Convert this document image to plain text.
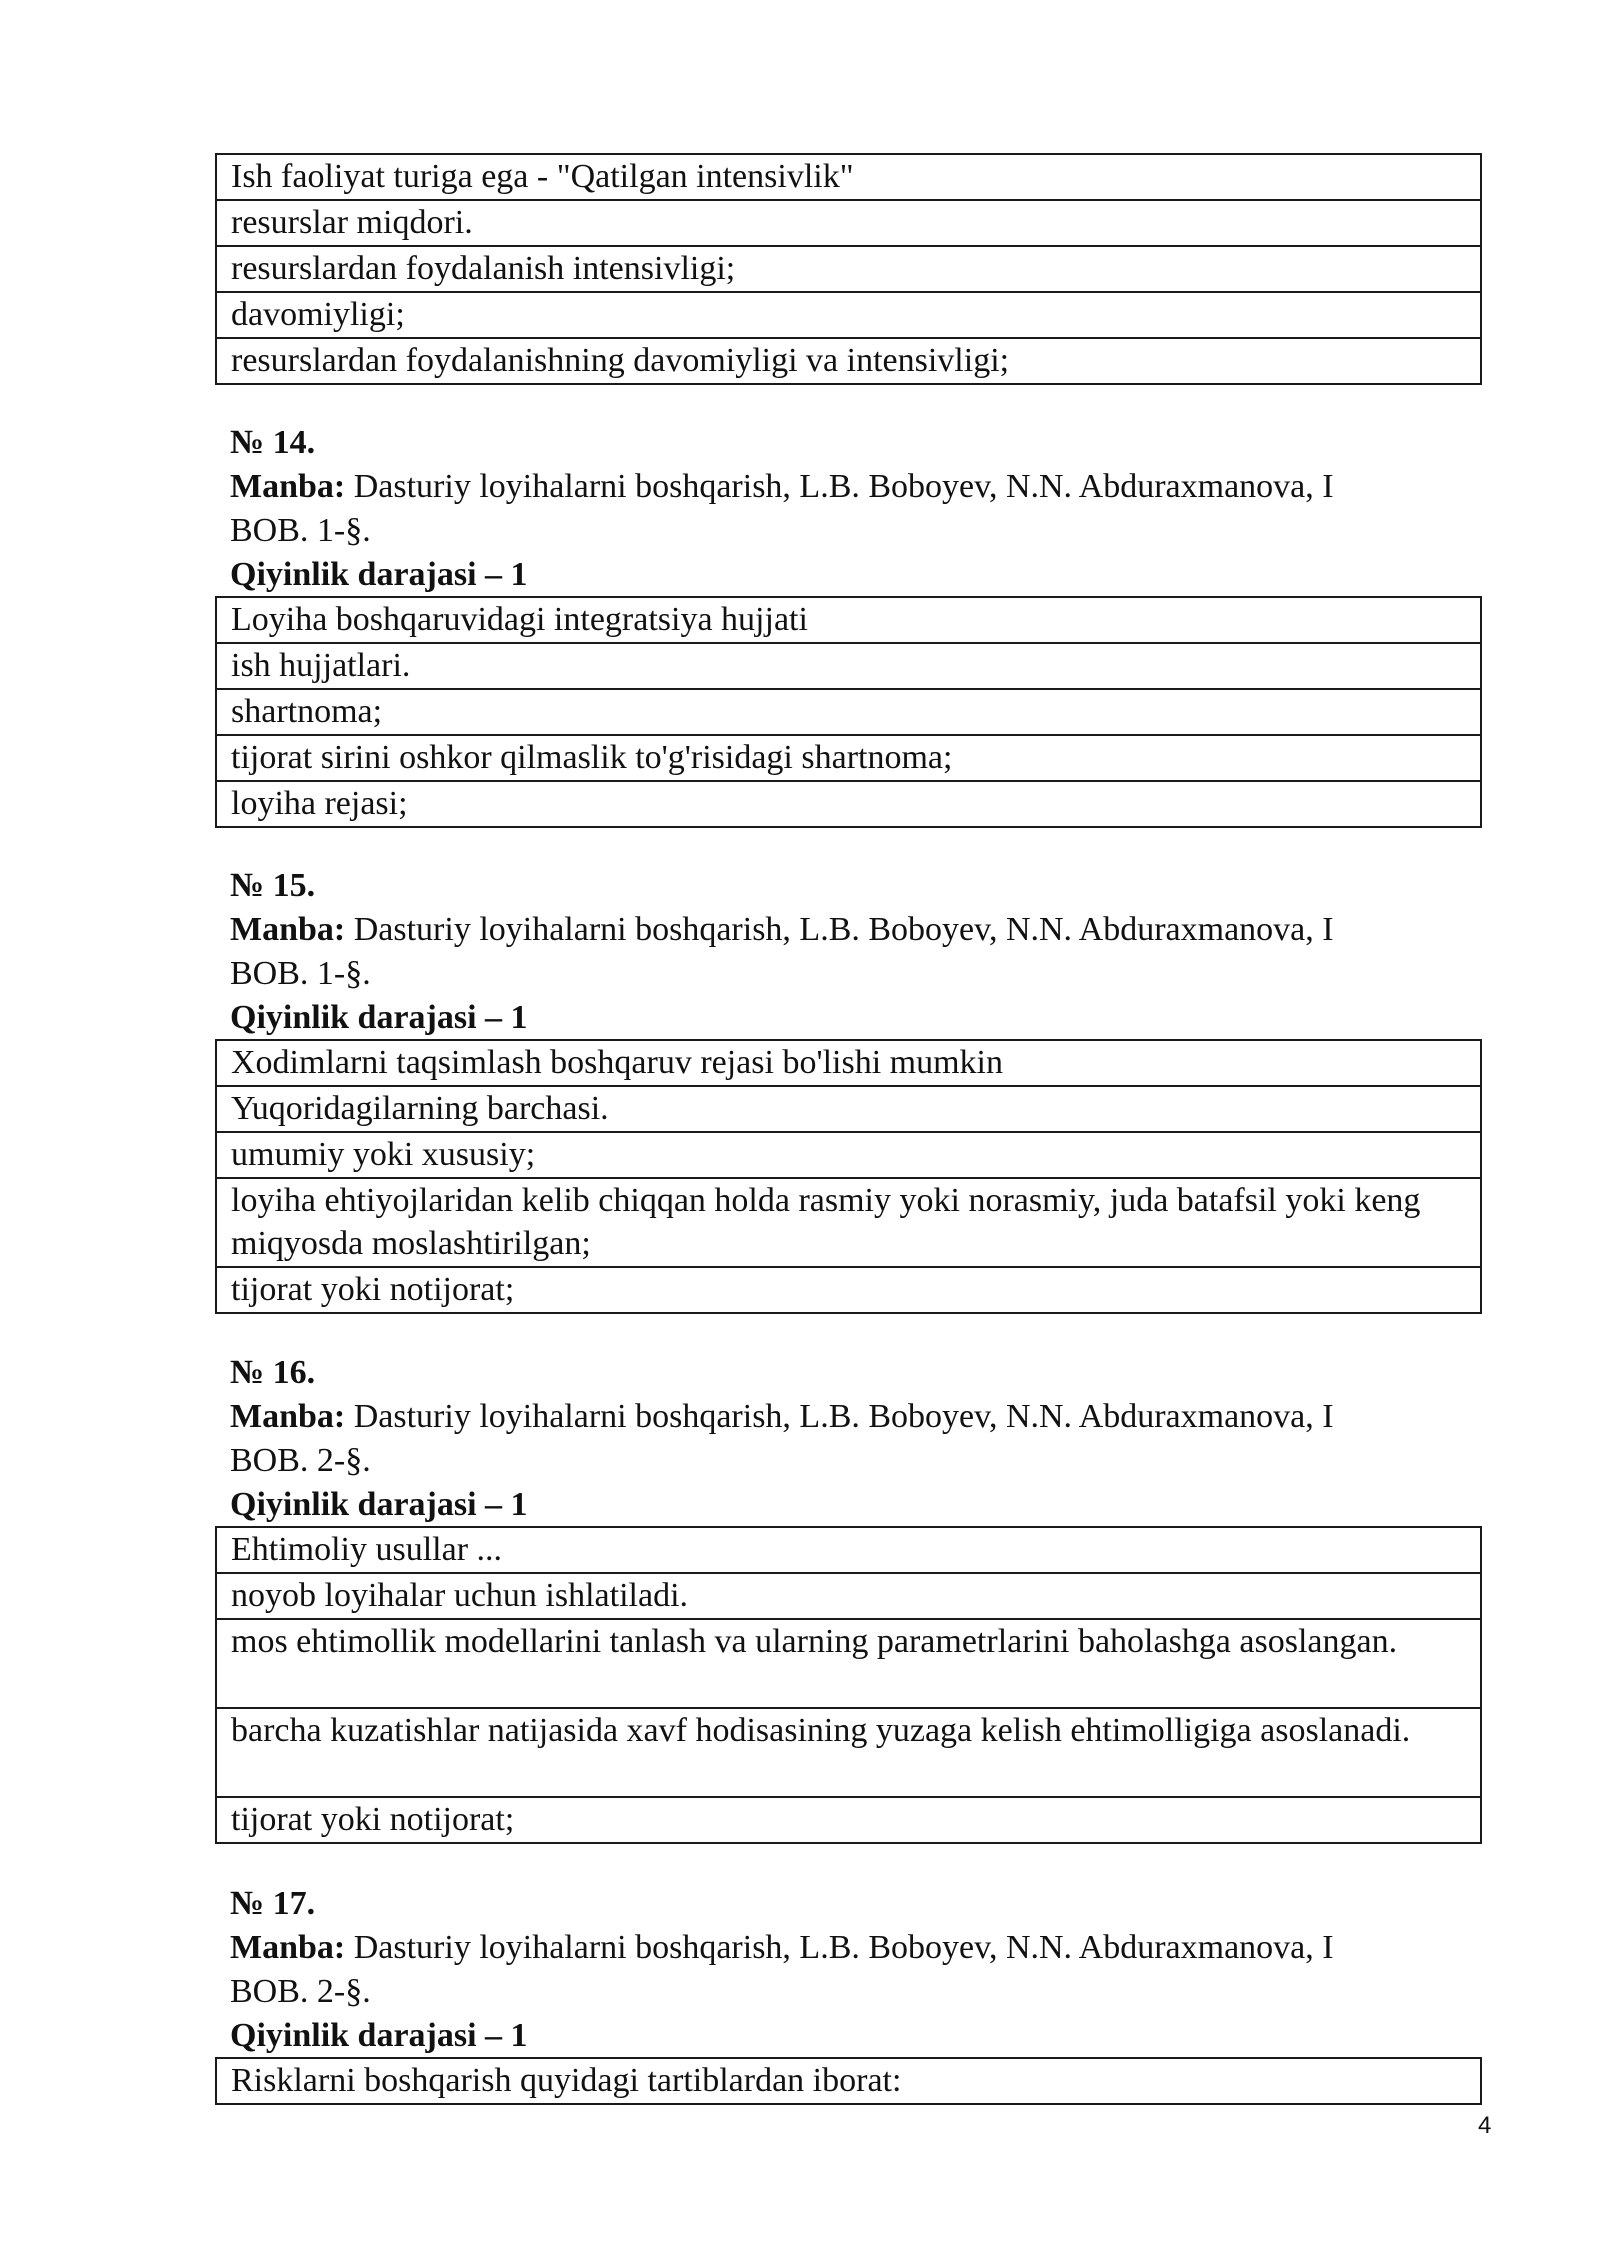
Ish faoliyat turiga ega - "Qatilgan intensivlik"
resurslar miqdori.
resurslardan foydalanish intensivligi;
davomiyligi;
resurslardan foydalanishning davomiyligi va intensivligi;
№ 14.
Manba: Dasturiy loyihalarni boshqarish, L.B. Boboyev, N.N. Abduraxmanova, I
BOB. 1-§.
Qiyinlik darajasi – 1
Loyiha boshqaruvidagi integratsiya hujjati
ish hujjatlari.
shartnoma;
tijorat sirini oshkor qilmaslik to'g'risidagi shartnoma;
loyiha rejasi;
№ 15.
Manba: Dasturiy loyihalarni boshqarish, L.B. Boboyev, N.N. Abduraxmanova, I
BOB. 1-§.
Qiyinlik darajasi – 1
Xodimlarni taqsimlash boshqaruv rejasi bo'lishi mumkin
Yuqoridagilarning barchasi.
umumiy yoki xususiy;
loyiha ehtiyojlaridan kelib chiqqan holda rasmiy yoki norasmiy, juda batafsil yoki keng miqyosda moslashtirilgan;
tijorat yoki notijorat;
№ 16.
Manba: Dasturiy loyihalarni boshqarish, L.B. Boboyev, N.N. Abduraxmanova, I
BOB. 2-§.
Qiyinlik darajasi – 1
Ehtimoliy usullar ...
noyob loyihalar uchun ishlatiladi.
mos ehtimollik modellarini tanlash va ularning parametrlarini baholashga asoslangan.
barcha kuzatishlar natijasida xavf hodisasining yuzaga kelish ehtimolligiga asoslanadi.
tijorat yoki notijorat;
№ 17.
Manba: Dasturiy loyihalarni boshqarish, L.B. Boboyev, N.N. Abduraxmanova, I
BOB. 2-§.
Qiyinlik darajasi – 1
Risklarni boshqarish quyidagi tartiblardan iborat:
4
